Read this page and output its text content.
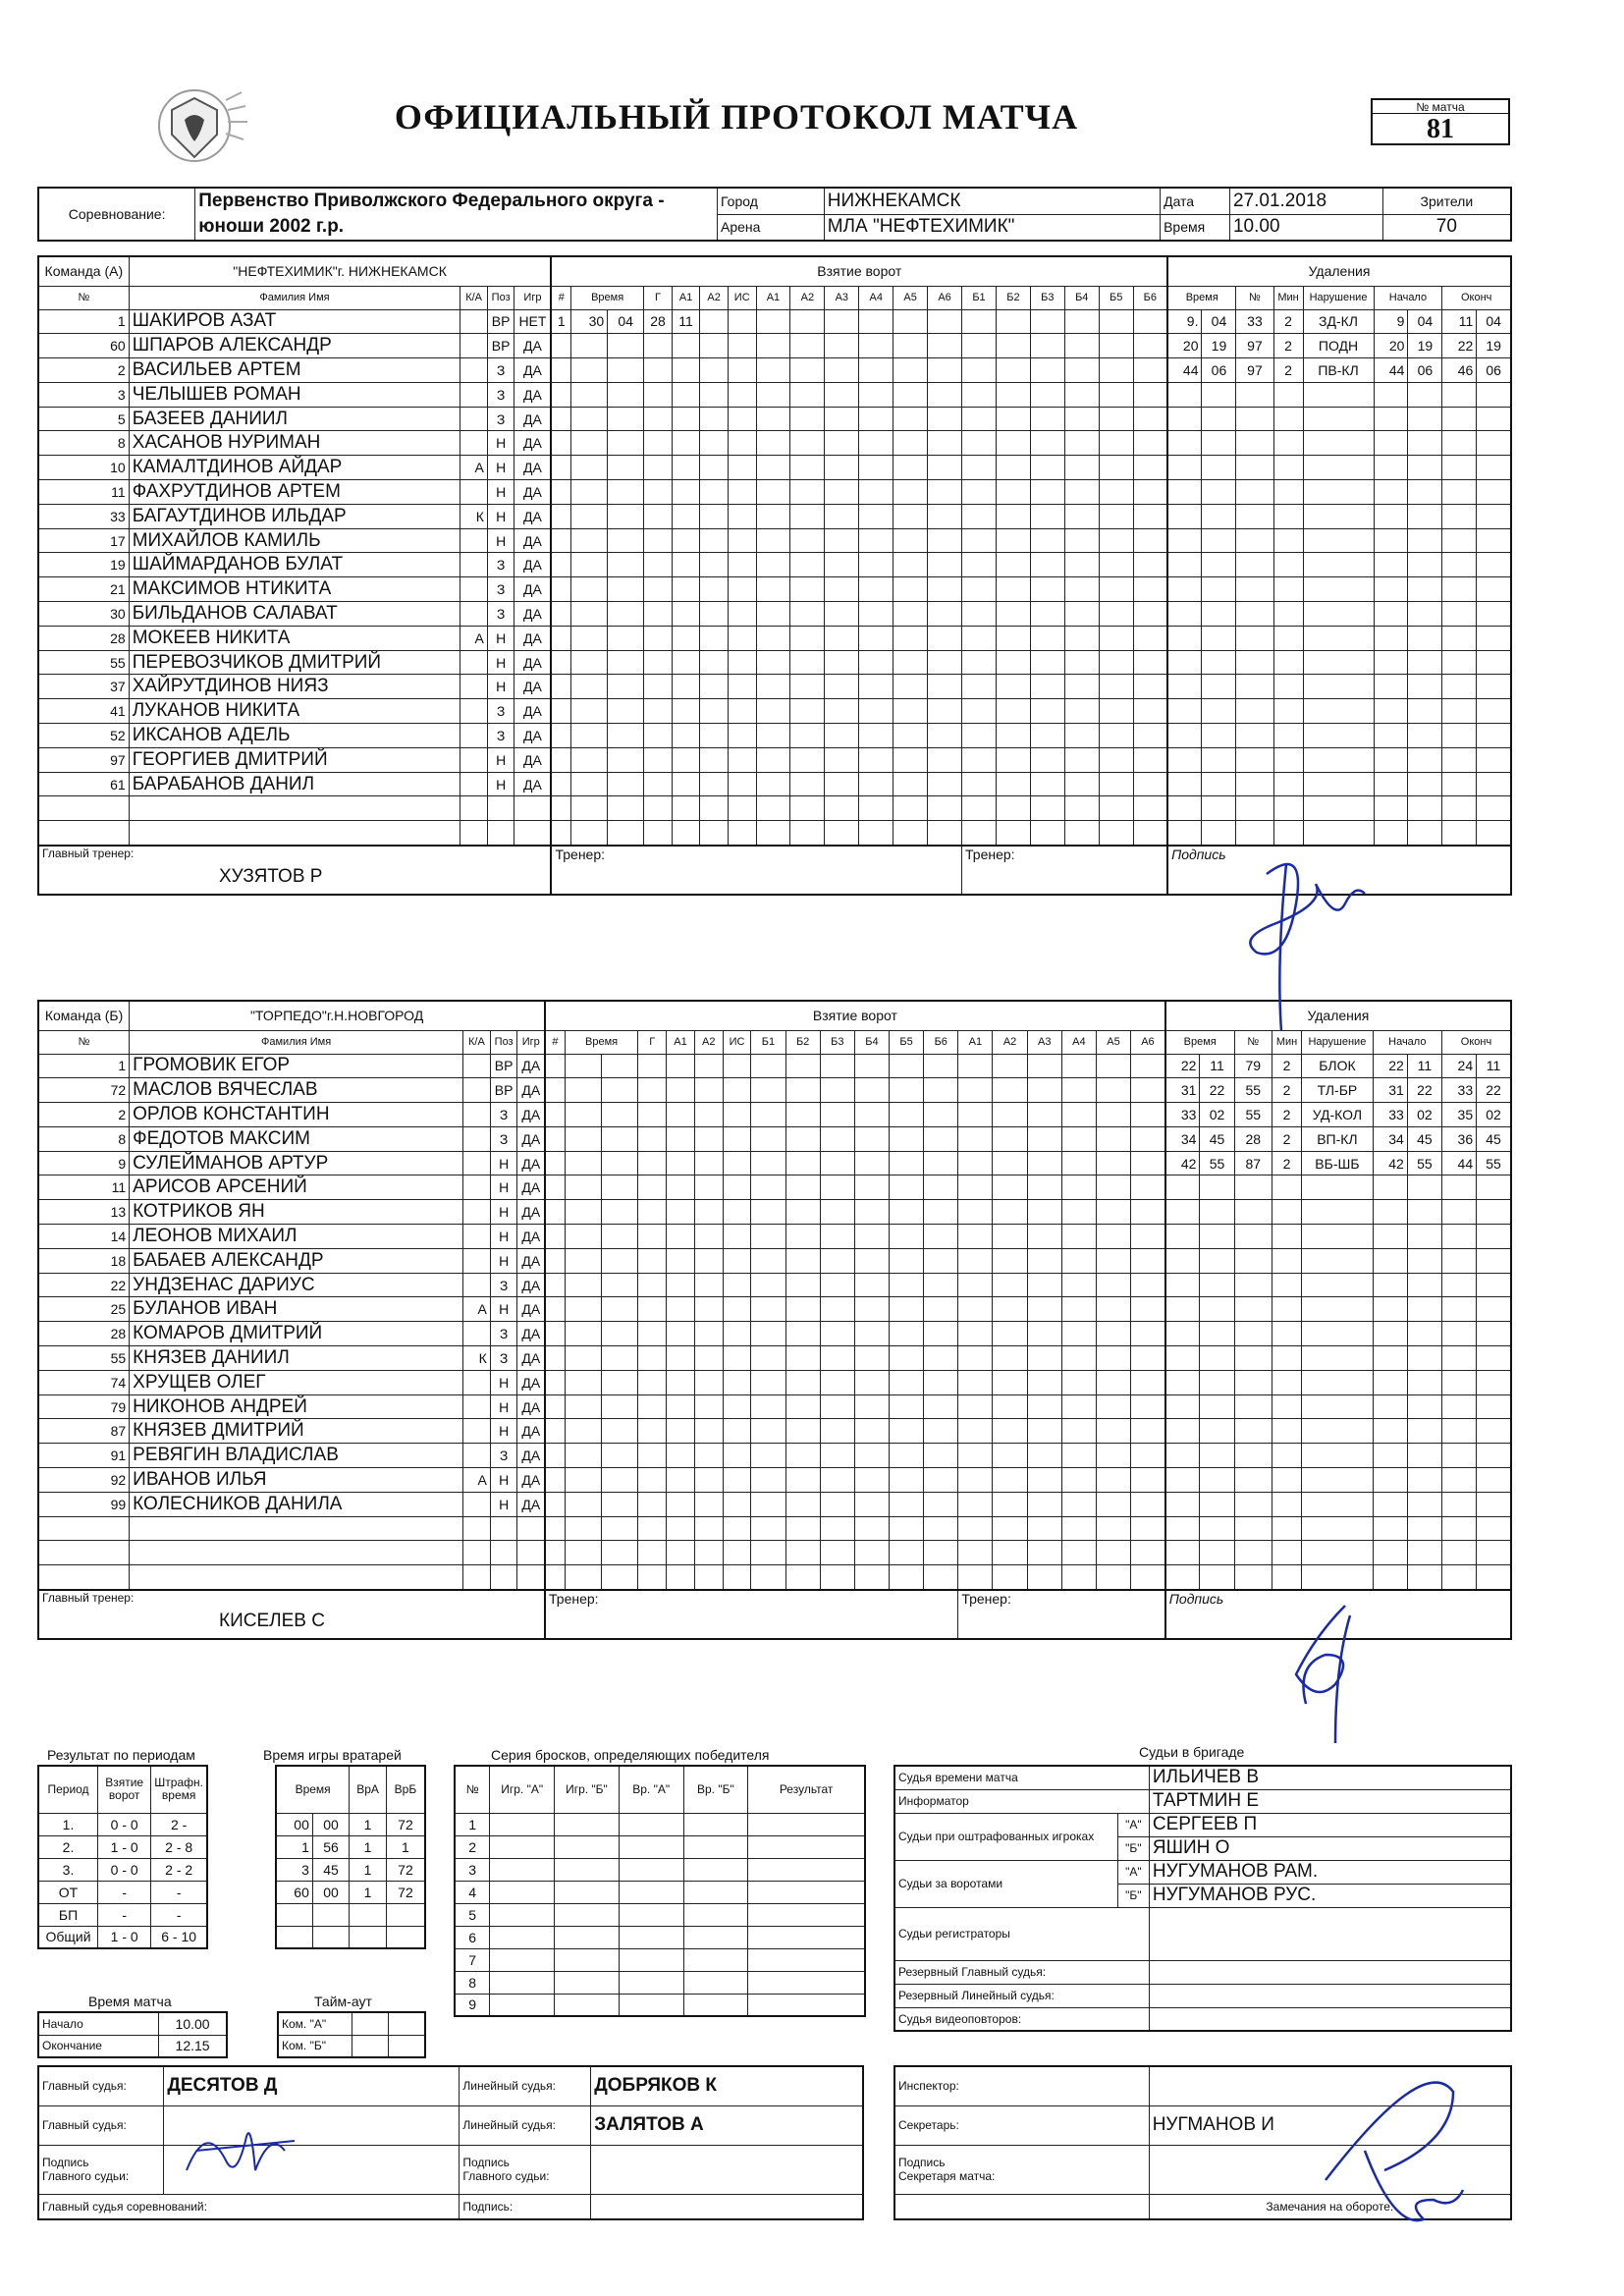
ОФИЦИАЛЬНЫЙ ПРОТОКОЛ МАТЧА	№ матча
81
Соревнование:	Первенство Приволжского Федерального округа -	Город	НИЖНЕКАМСК	Дата	27.01.2018	Зрители
	юноши 2002 г.р.	Арена	МЛА "НЕФТЕХИМИК"	Время	10.00	70
Команда (А)	"НЕФТЕХИМИК"г. НИЖНЕКАМСК				Взятие ворот																			Удаления								
№	Фамилия Имя	К/А	Поз	Игр	#	Время		Г	А1	А2	ИС	А1	А2	А3	А4	А5	А6	Б1	Б2	Б3	Б4	Б5	Б6	Время		№	Мин	Нарушение	Начало		Оконч	
1	ШАКИРОВ АЗАТ		ВР	НЕТ	1	30	04	28	11															9.	04	33	2	ЗД-КЛ	9	04	11	04
60	ШПАРОВ АЛЕКСАНДР		ВР	ДА																				20	19	97	2	ПОДН	20	19	22	19
2	ВАСИЛЬЕВ АРТЕМ		З	ДА																				44	06	97	2	ПВ-КЛ	44	06	46	06
3	ЧЕЛЫШЕВ РОМАН		З	ДА																												
5	БАЗЕЕВ ДАНИИЛ		З	ДА																												
8	ХАСАНОВ НУРИМАН		Н	ДА																												
10	КАМАЛТДИНОВ АЙДАР	А	Н	ДА																												
11	ФАХРУТДИНОВ АРТЕМ		Н	ДА																												
33	БАГАУТДИНОВ ИЛЬДАР	К	Н	ДА																												
17	МИХАЙЛОВ КАМИЛЬ		Н	ДА																												
19	ШАЙМАРДАНОВ БУЛАТ		З	ДА																												
21	МАКСИМОВ НТИКИТА		З	ДА																												
30	БИЛЬДАНОВ САЛАВАТ		З	ДА																												
28	МОКЕЕВ НИКИТА	А	Н	ДА																												
55	ПЕРЕВОЗЧИКОВ ДМИТРИЙ		Н	ДА																												
37	ХАЙРУТДИНОВ НИЯЗ		Н	ДА																												
41	ЛУКАНОВ НИКИТА		З	ДА																												
52	ИКСАНОВ АДЕЛЬ		З	ДА																												
97	ГЕОРГИЕВ ДМИТРИЙ		Н	ДА																												
61	БАРАБАНОВ ДАНИЛ		Н	ДА																												

Главный тренер:
ХУЗЯТОВ Р					Тренер:													Тренер:						Подпись								
Команда (Б)	"ТОРПЕДО"г.Н.НОВГОРОД				Взятие ворот																			Удаления								
№	Фамилия Имя	К/А	Поз	Игр	#	Время		Г	А1	А2	ИС	Б1	Б2	Б3	Б4	Б5	Б6	А1	А2	А3	А4	А5	А6	Время		№	Мин	Нарушение	Начало		Оконч	
1	ГРОМОВИК ЕГОР		ВР	ДА																				22	11	79	2	БЛОК	22	11	24	11
72	МАСЛОВ ВЯЧЕСЛАВ		ВР	ДА																				31	22	55	2	ТЛ-БР	31	22	33	22
2	ОРЛОВ КОНСТАНТИН		З	ДА																				33	02	55	2	УД-КОЛ	33	02	35	02
8	ФЕДОТОВ МАКСИМ		З	ДА																				34	45	28	2	ВП-КЛ	34	45	36	45
9	СУЛЕЙМАНОВ АРТУР		Н	ДА																				42	55	87	2	ВБ-ШБ	42	55	44	55
11	АРИСОВ АРСЕНИЙ		Н	ДА																												
13	КОТРИКОВ ЯН		Н	ДА																												
14	ЛЕОНОВ МИХАИЛ		Н	ДА																												
18	БАБАЕВ АЛЕКСАНДР		Н	ДА																												
22	УНДЗЕНАС ДАРИУС		З	ДА																												
25	БУЛАНОВ ИВАН	А	Н	ДА																												
28	КОМАРОВ ДМИТРИЙ		З	ДА																												
55	КНЯЗЕВ ДАНИИЛ	К	З	ДА																												
74	ХРУЩЕВ ОЛЕГ		Н	ДА																												
79	НИКОНОВ АНДРЕЙ		Н	ДА																												
87	КНЯЗЕВ ДМИТРИЙ		Н	ДА																												
91	РЕВЯГИН ВЛАДИСЛАВ		З	ДА																												
92	ИВАНОВ ИЛЬЯ	А	Н	ДА																												
99	КОЛЕСНИКОВ ДАНИЛА		Н	ДА																												

Главный тренер:
КИСЕЛЕВ С					Тренер:													Тренер:						Подпись								
Результат по периодам	Время игры вратарей	Серия бросков, определяющих победителя	Судьи в бригаде
Период	Взятие ворот	Штрафн. время
1.	0 - 0	2 -
2.	1 - 0	2 - 8
3.	0 - 0	2 - 2
ОТ	-	-
БП	-	-
Общий	1 - 0	6 - 10
Время		ВрА	ВрБ
00	00	1	72
1	56	1	1
3	45	1	72
60	00	1	72

№	Игр. "А"	Игр. "Б"	Вр. "А"	Вр. "Б"	Результат
1					
2					
3					
4					
5					
6					
7					
8					
9					
Время матча
Начало	10.00
Окончание	12.15
Тайм-аут
Ком. "А"		
Ком. "Б"		
Судья времени матча		ИЛЬИЧЕВ В
Информатор		ТАРТМИН Е
Судьи при оштрафованных игроках	"А"	СЕРГЕЕВ П
	"Б"	ЯШИН О
Судьи за воротами	"А"	НУГУМАНОВ РАМ.
	"Б"	НУГУМАНОВ РУС.
Судьи регистраторы		
Резервный Главный судья:		
Резервный Линейный судья:		
Судья видеоповторов:		
Главный судья:	ДЕСЯТОВ Д	Линейный судья:	ДОБРЯКОВ К
Главный судья:		Линейный судья:	ЗАЛЯТОВ А
Подпись
Главного судьи:		Подпись
Главного судьи:	
Главный судья соревнований:		Подпись:	
Инспектор:	
Секретарь:	НУГМАНОВ И
Подпись
Секретаря матча:	
	Замечания на обороте:
